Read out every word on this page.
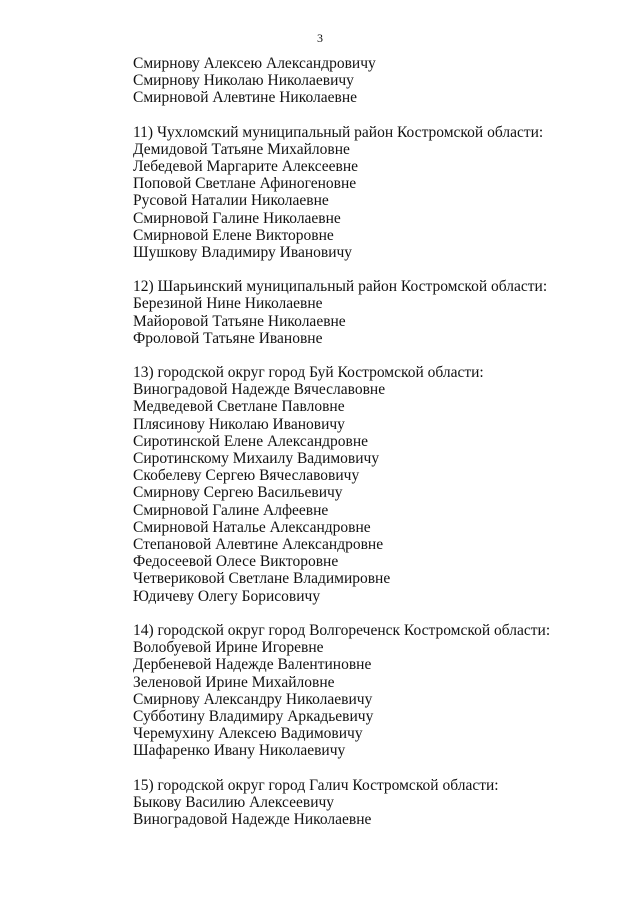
3
Смирнову Алексею Александровичу
Смирнову Николаю Николаевичу
Смирновой Алевтине Николаевне
11) Чухломский муниципальный район Костромской области:
Демидовой Татьяне Михайловне
Лебедевой Маргарите Алексеевне
Поповой Светлане Афиногеновне
Русовой Наталии Николаевне
Смирновой Галине Николаевне
Смирновой Елене Викторовне
Шушкову Владимиру Ивановичу
12) Шарьинский муниципальный район Костромской области:
Березиной Нине Николаевне
Майоровой Татьяне Николаевне
Фроловой Татьяне Ивановне
13) городской округ город Буй Костромской области:
Виноградовой Надежде Вячеславовне
Медведевой Светлане Павловне
Плясинову Николаю Ивановичу
Сиротинской Елене Александровне
Сиротинскому Михаилу Вадимовичу
Скобелеву Сергею Вячеславовичу
Смирнову Сергею Васильевичу
Смирновой Галине Алфеевне
Смирновой Наталье Александровне
Степановой Алевтине Александровне
Федосеевой Олесе Викторовне
Четвериковой Светлане Владимировне
Юдичеву Олегу Борисовичу
14) городской округ город Волгореченск Костромской области:
Волобуевой Ирине Игоревне
Дербеневой Надежде Валентиновне
Зеленовой Ирине Михайловне
Смирнову Александру Николаевичу
Субботину Владимиру Аркадьевичу
Черемухину Алексею Вадимовичу
Шафаренко Ивану Николаевичу
15) городской округ город Галич Костромской области:
Быкову Василию Алексеевичу
Виноградовой Надежде Николаевне
